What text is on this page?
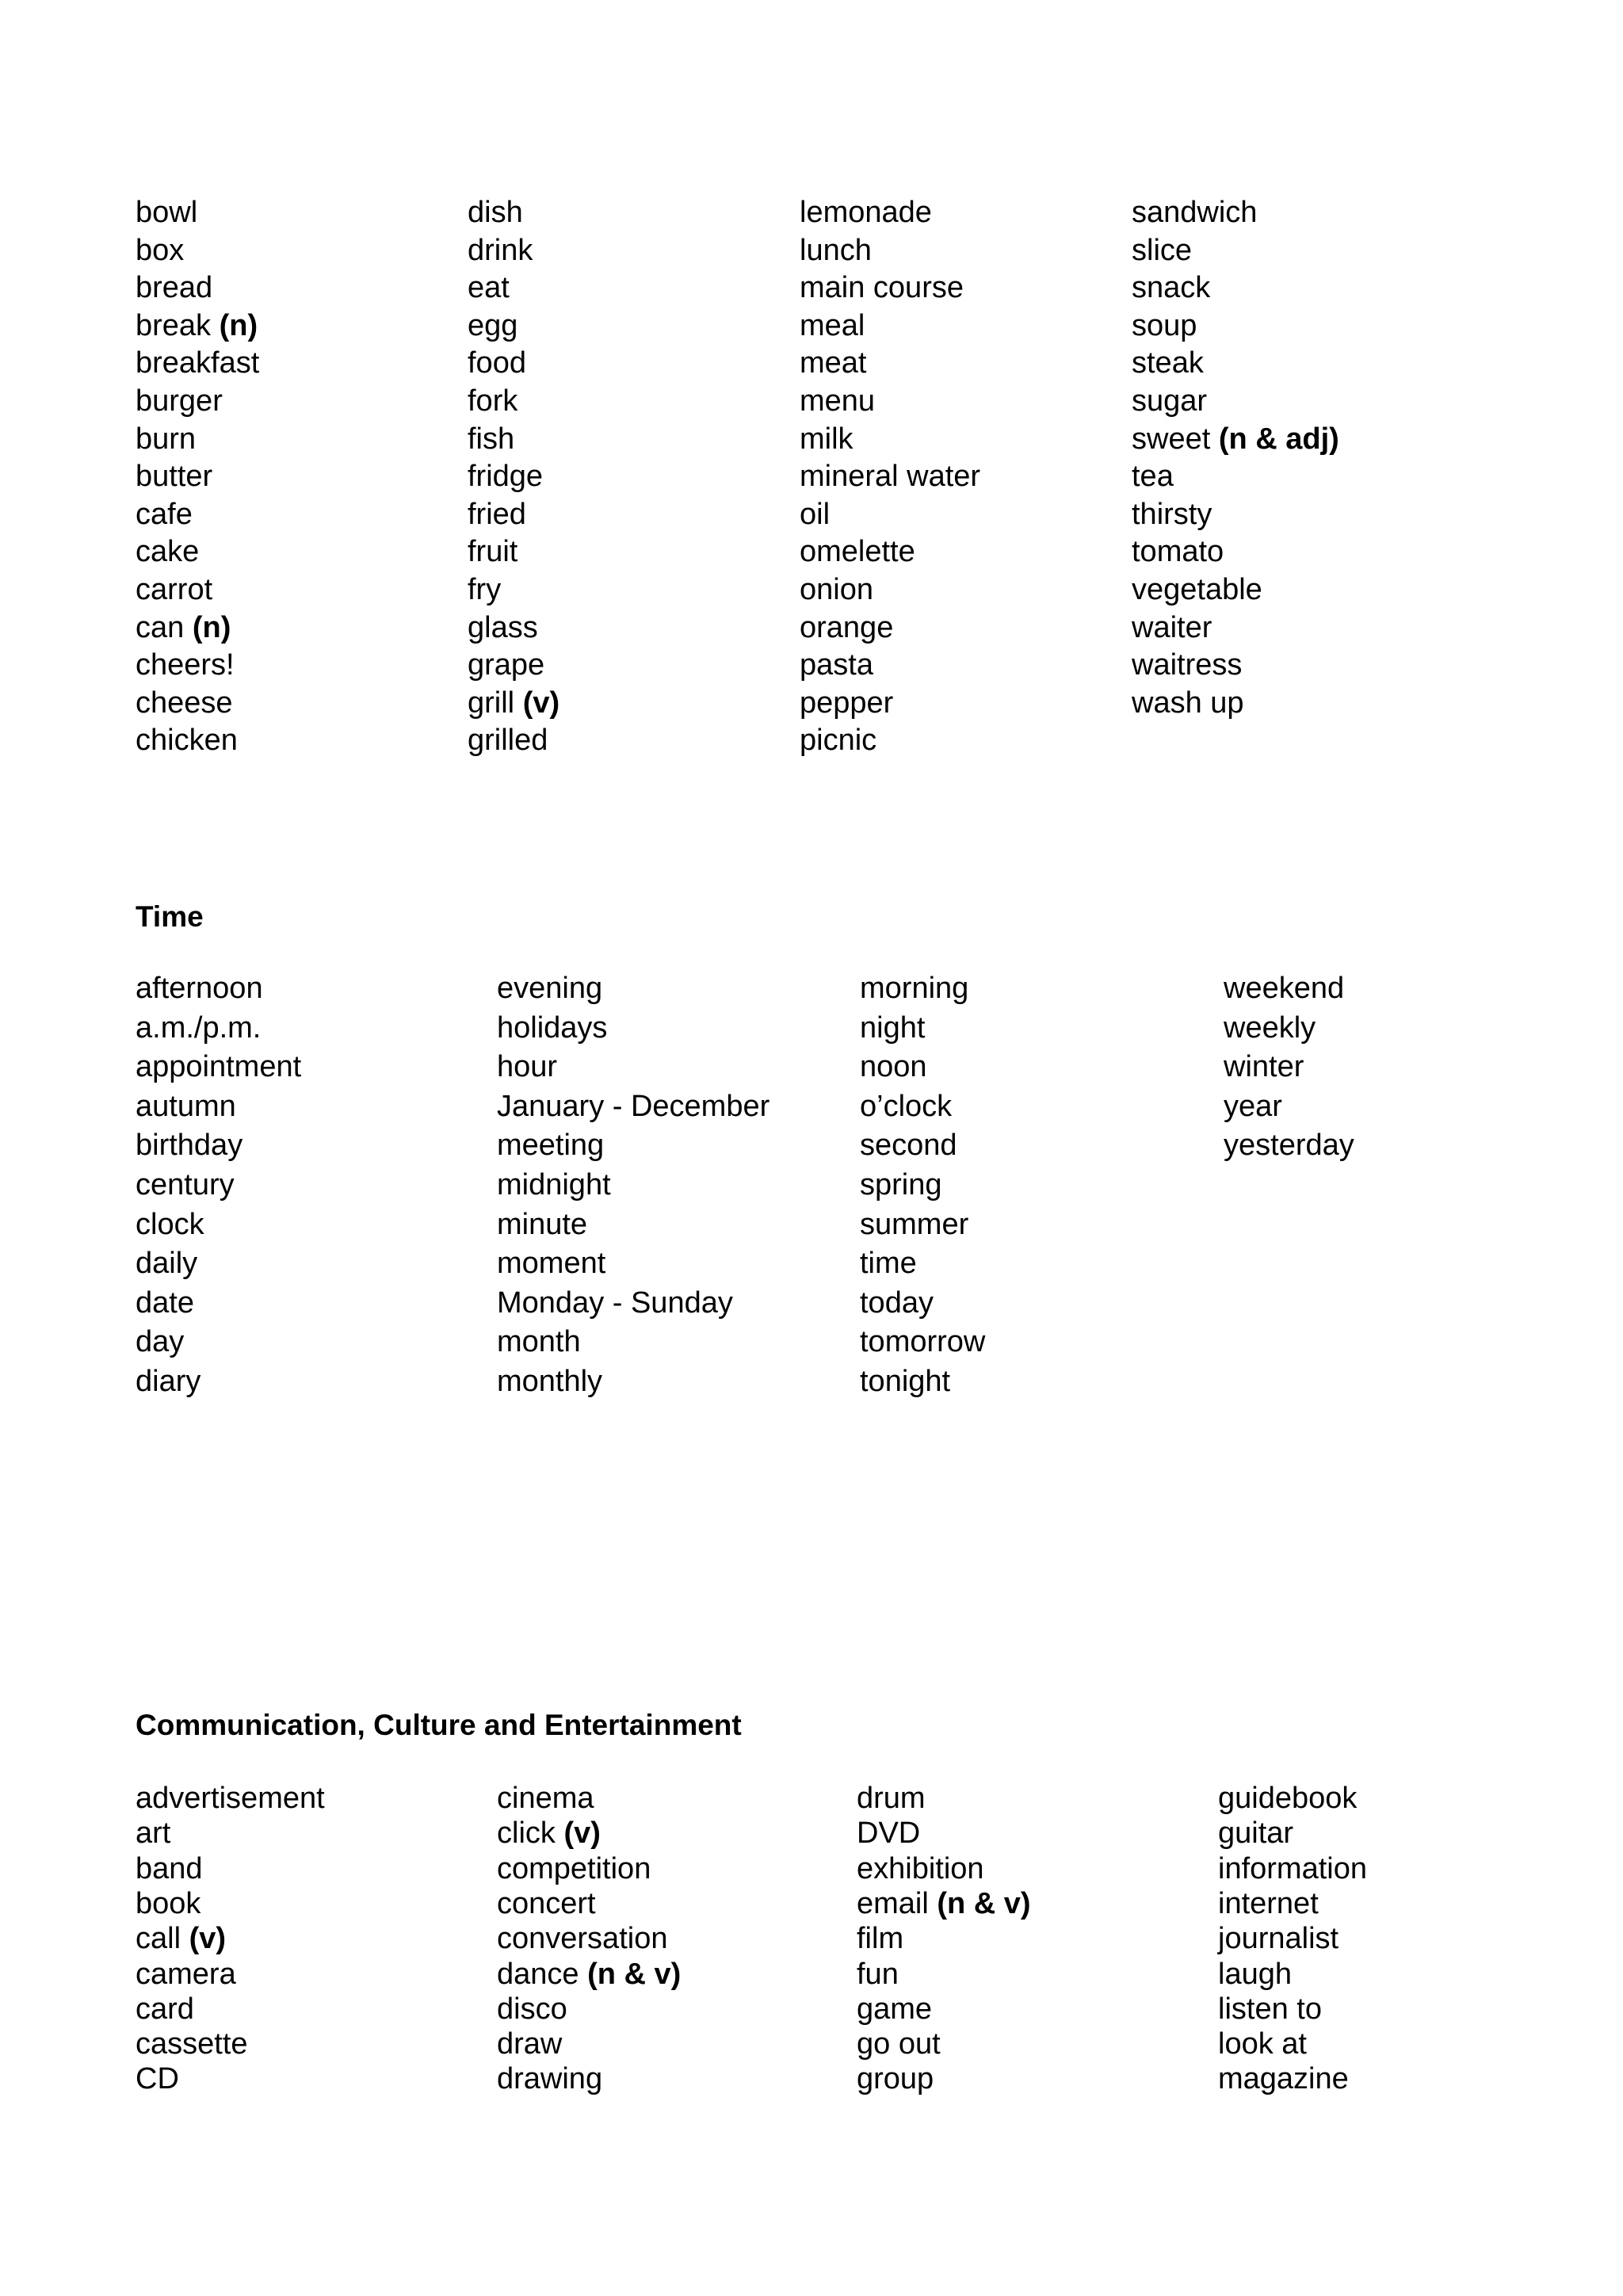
Time
Communication, Culture and Entertainment
bowl
box
bread
break (n)
breakfast
burger
burn
butter
cafe
cake
carrot
can (n)
cheers!
cheese
chicken
dish
drink
eat
egg
food
fork
fish
fridge
fried
fruit
fry
glass
grape
grill (v)
grilled
lemonade
lunch
main course
meal
meat
menu
milk
mineral water
oil
omelette
onion
orange
pasta
pepper
picnic
sandwich
slice
snack
soup
steak
sugar
sweet (n & adj)
tea
thirsty
tomato
vegetable
waiter
waitress
wash up
afternoon
a.m./p.m.
appointment
autumn
birthday
century
clock
daily
date
day
diary
evening
holidays
hour
January - December
meeting
midnight
minute
moment
Monday - Sunday
month
monthly
morning
night
noon
o’clock
second
spring
summer
time
today
tomorrow
tonight
weekend
weekly
winter
year
yesterday
advertisement
art
band
book
call (v)
camera
card
cassette
CD
cinema
click (v)
competition
concert
conversation
dance (n & v)
disco
draw
drawing
drum
DVD
exhibition
email (n & v)
film
fun
game
go out
group
guidebook
guitar
information
internet
journalist
laugh
listen to
look at
magazine
